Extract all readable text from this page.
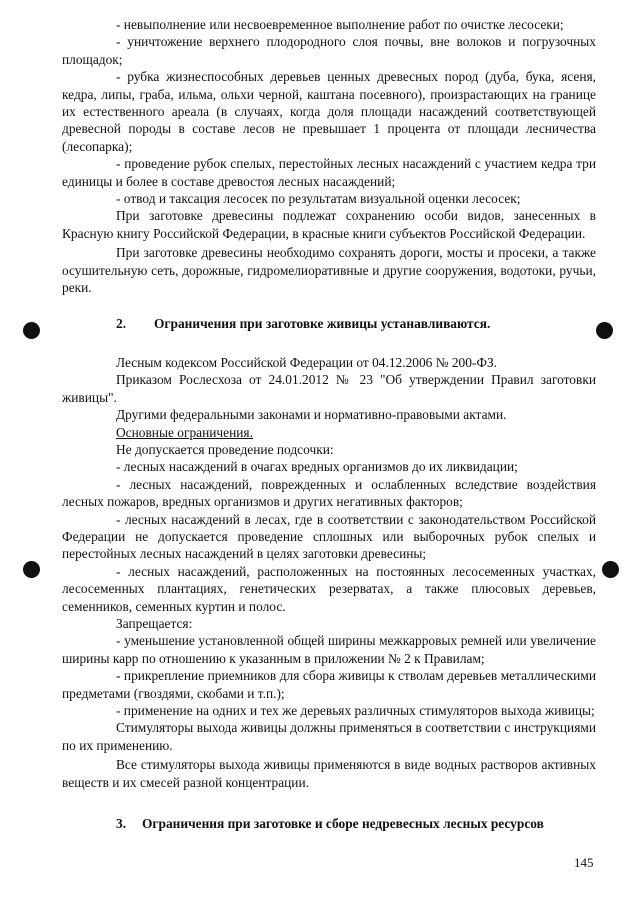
- невыполнение или несвоевременное выполнение работ по очистке лесосеки;

- уничтожение верхнего плодородного слоя почвы, вне волоков и погрузочных площадок;

- рубка жизнеспособных деревьев ценных древесных пород (дуба, бука, ясеня, кедра, липы, граба, ильма, ольхи черной, каштана посевного), произрастающих на границе их естественного ареала (в случаях, когда доля площади насаждений соответствующей древесной породы в составе лесов не превышает 1 процента от площади лесничества (лесопарка);

- проведение рубок спелых, перестойных лесных насаждений с участием кедра три единицы и более в составе древостоя лесных насаждений;

- отвод и таксация лесосек по результатам визуальной оценки лесосек;

При заготовке древесины подлежат сохранению особи видов, занесенных в Красную книгу Российской Федерации, в красные книги субъектов Российской Федерации.

При заготовке древесины необходимо сохранять дороги, мосты и просеки, а также осушительную сеть, дорожные, гидромелиоративные и другие сооружения, водотоки, ручьи, реки.

2. Ограничения при заготовке живицы устанавливаются.

Лесным кодексом Российской Федерации от 04.12.2006 № 200-ФЗ.

Приказом Рослесхоза от 24.01.2012 № 23 "Об утверждении Правил заготовки живицы".

Другими федеральными законами и нормативно-правовыми актами.

Основные ограничения.

Не допускается проведение подсочки:

- лесных насаждений в очагах вредных организмов до их ликвидации;

- лесных насаждений, поврежденных и ослабленных вследствие воздействия лесных пожаров, вредных организмов и других негативных факторов;

- лесных насаждений в лесах, где в соответствии с законодательством Российской Федерации не допускается проведение сплошных или выборочных рубок спелых и перестойных лесных насаждений в целях заготовки древесины;

- лесных насаждений, расположенных на постоянных лесосеменных участках, лесосеменных плантациях, генетических резерватах, а также плюсовых деревьев, семенников, семенных куртин и полос.

Запрещается:

- уменьшение установленной общей ширины межкарровых ремней или увеличение ширины карр по отношению к указанным в приложении № 2 к Правилам;

- прикрепление приемников для сбора живицы к стволам деревьев металлическими предметами (гвоздями, скобами и т.п.);

- применение на одних и тех же деревьях различных стимуляторов выхода живицы;

Стимуляторы выхода живицы должны применяться в соответствии с инструкциями по их применению.

Все стимуляторы выхода живицы применяются в виде водных растворов активных веществ и их смесей разной концентрации.

3. Ограничения при заготовке и сборе недревесных лесных ресурсов

145
